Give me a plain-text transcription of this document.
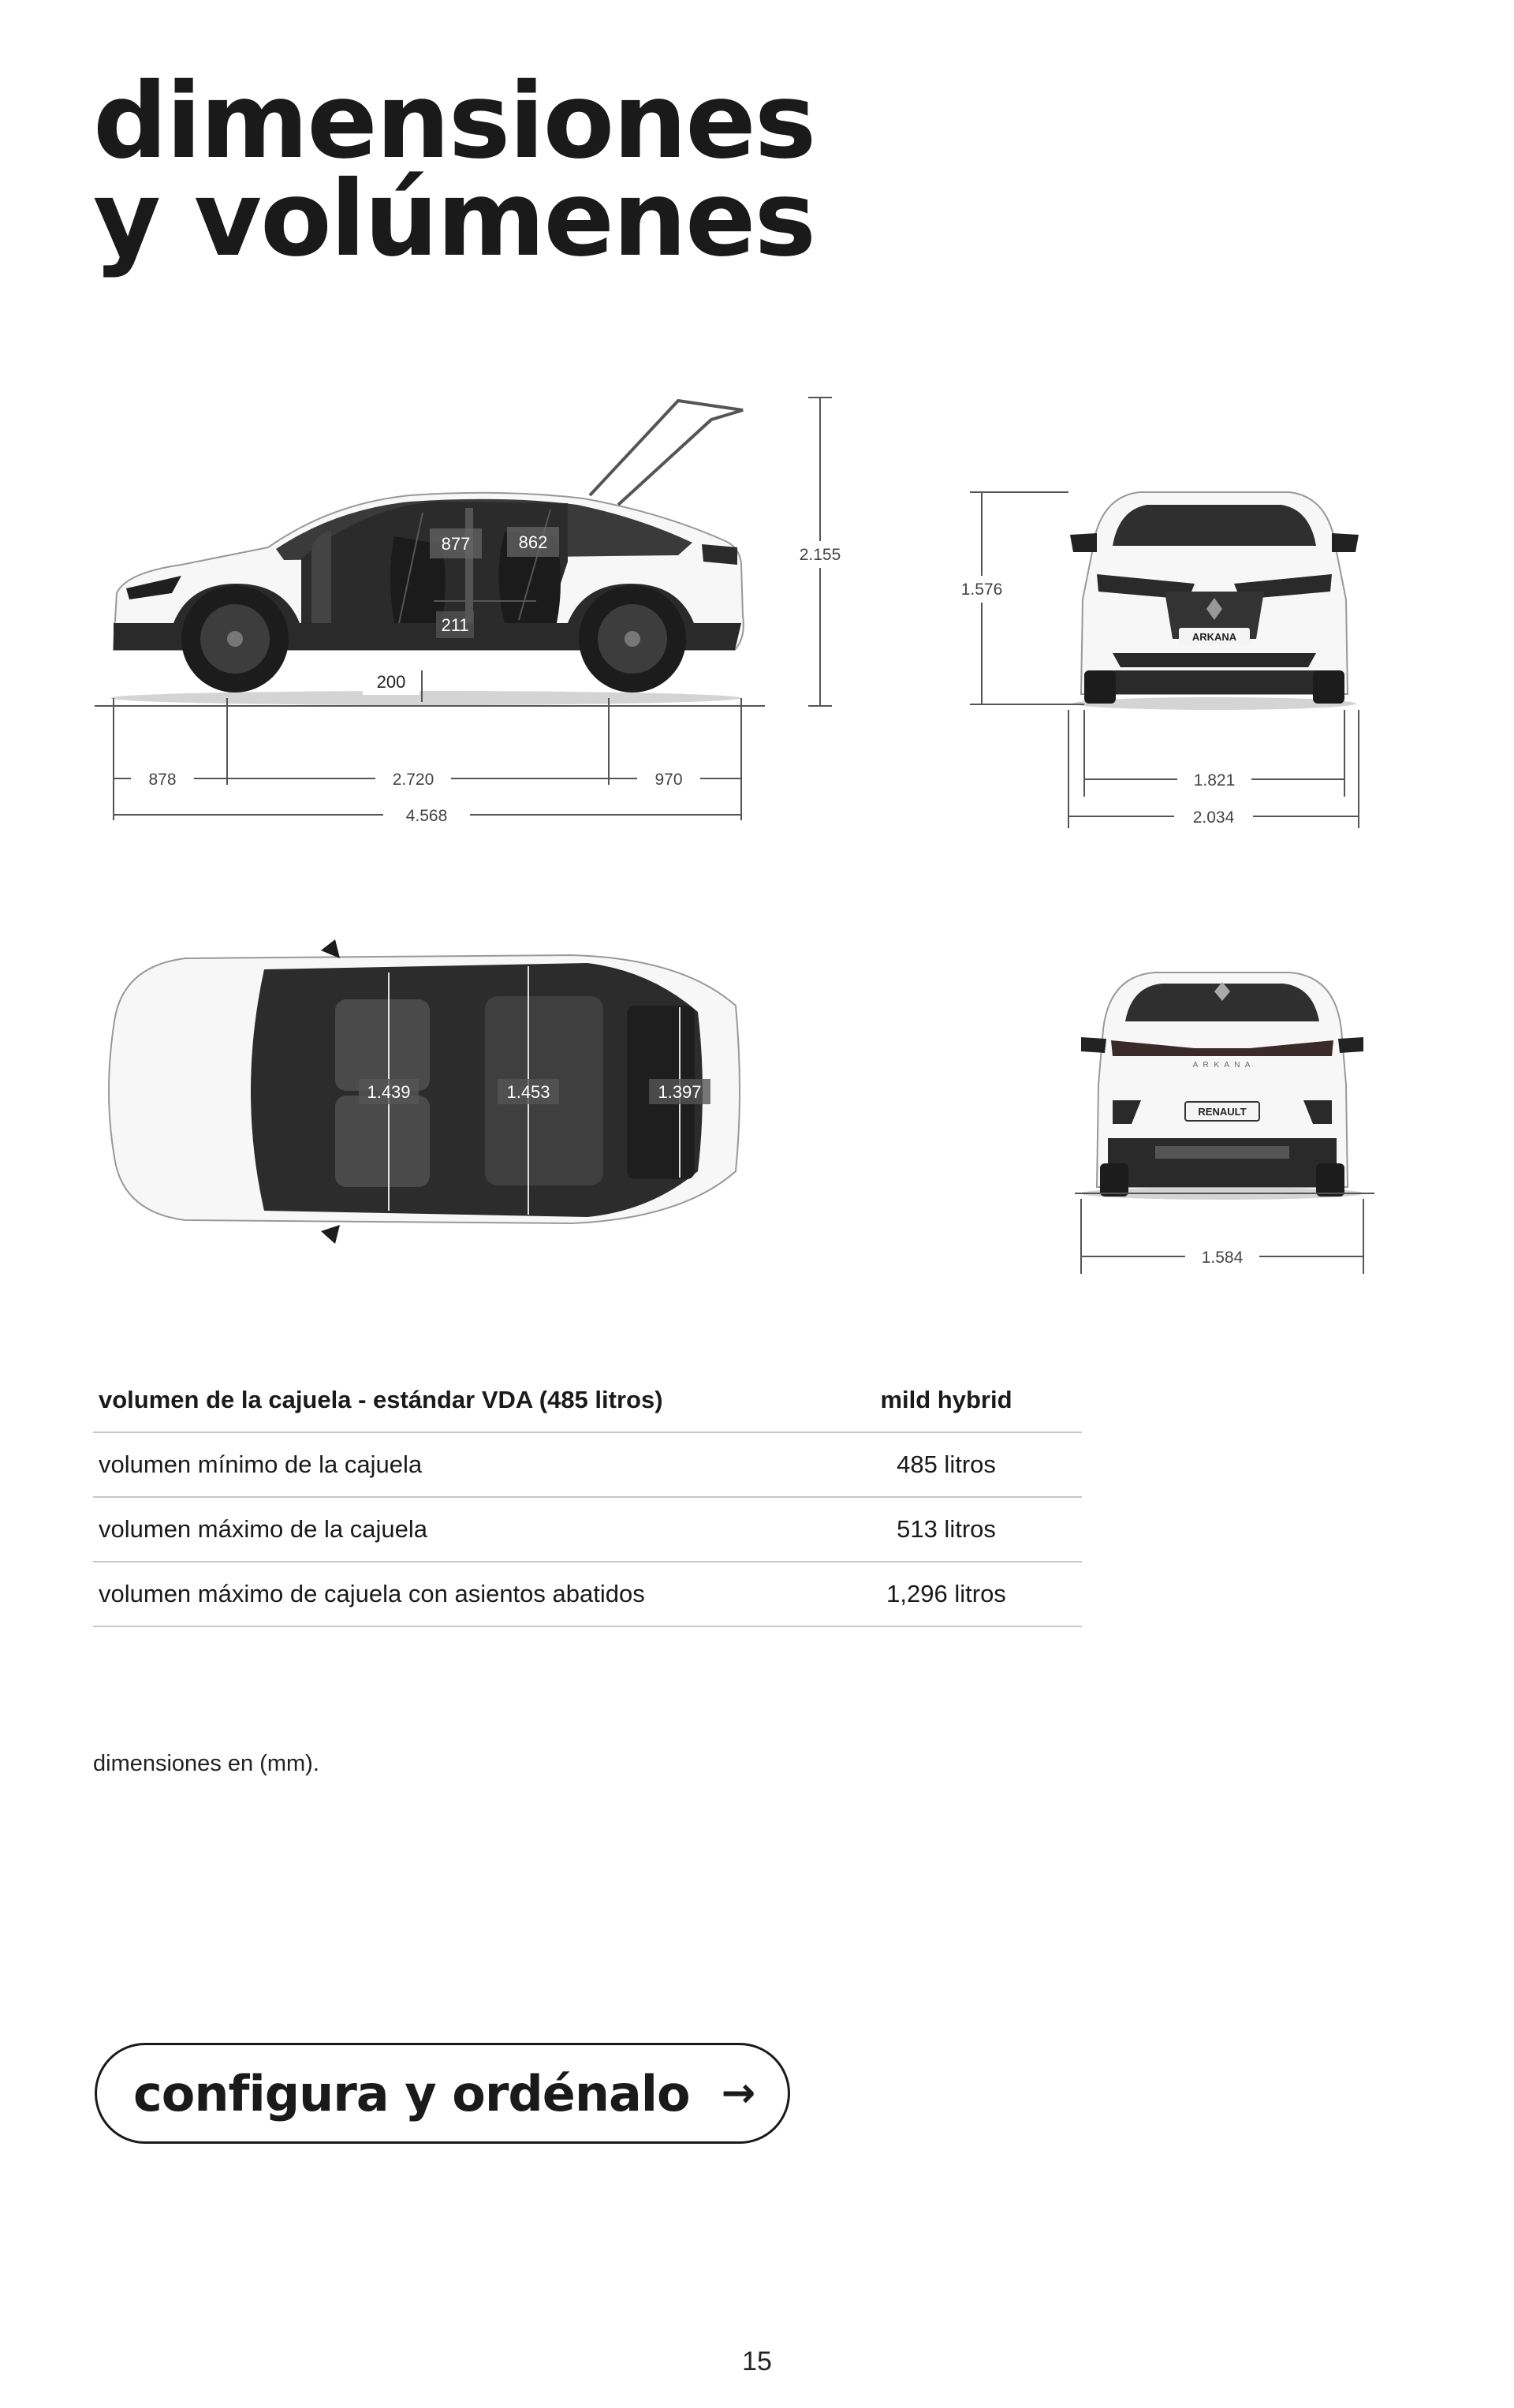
dimensiones
y volúmenes
877	862
211
200
2.155
878	2.720	970
4.568
ARKANA
1.576
1.821
2.034
1.439	1.453	1.397
A R K A N A
RENAULT
1.584
volumen de la cajuela - estándar VDA (485 litros)	mild hybrid
volumen mínimo de la cajuela	485 litros
volumen máximo de la cajuela	513 litros
volumen máximo de cajuela con asientos abatidos	1,296 litros
dimensiones en (mm).
configura y ordénalo →
15
